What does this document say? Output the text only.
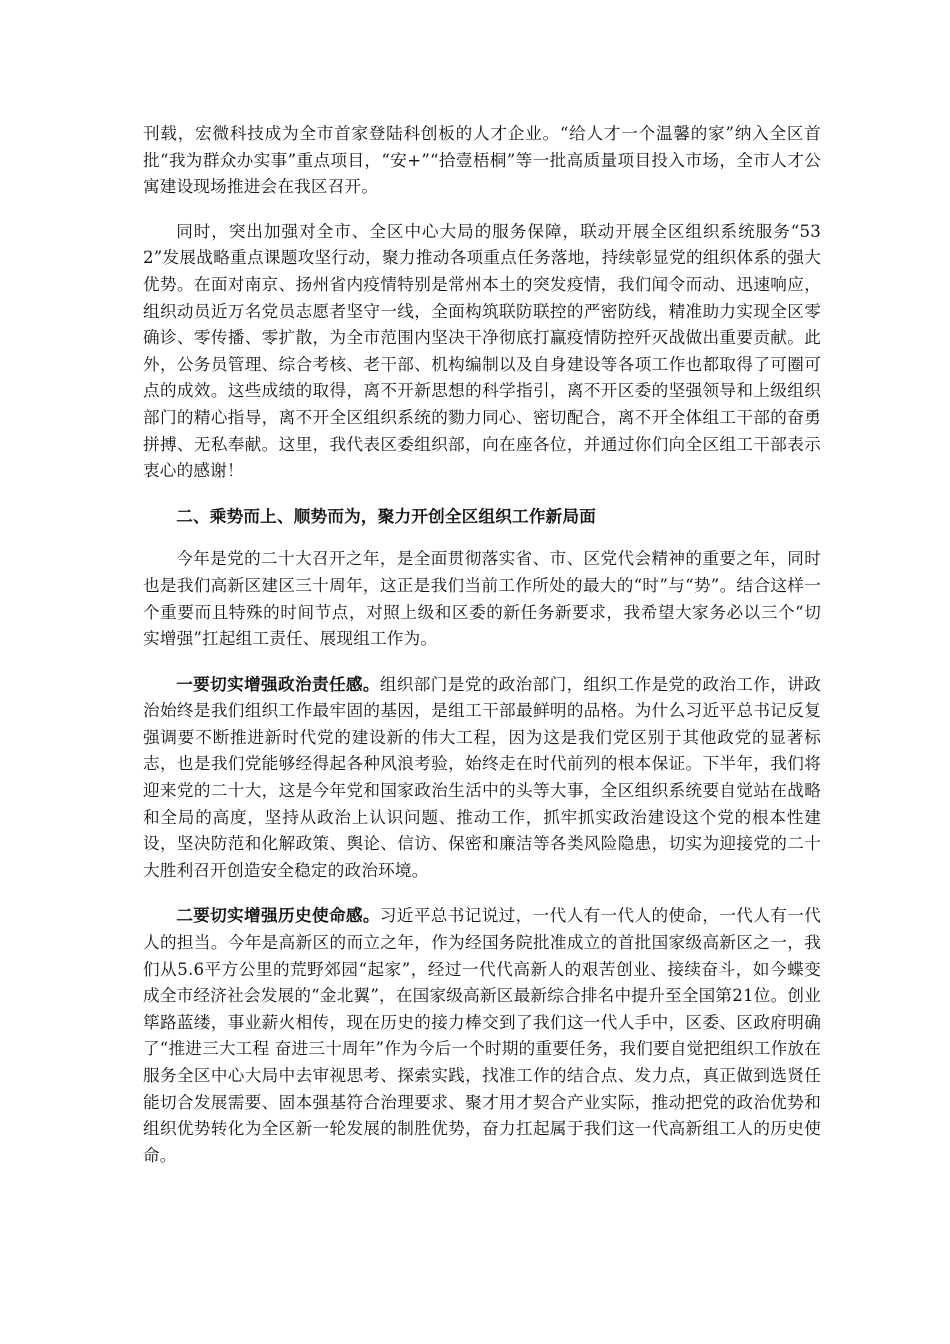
刊载，宏微科技成为全市首家登陆科创板的人才企业。“给人才一个温馨的家”纳入全区首批“我为群众办实事”重点项目，“安+”“拾壹梧桐”等一批高质量项目投入市场，全市人才公寓建设现场推进会在我区召开。

同时，突出加强对全市、全区中心大局的服务保障，联动开展全区组织系统服务“532”发展战略重点课题攻坚行动，聚力推动各项重点任务落地，持续彰显党的组织体系的强大优势。在面对南京、扬州省内疫情特别是常州本土的突发疫情，我们闻令而动、迅速响应，组织动员近万名党员志愿者坚守一线，全面构筑联防联控的严密防线，精准助力实现全区零确诊、零传播、零扩散，为全市范围内坚决干净彻底打赢疫情防控歼灭战做出重要贡献。此外，公务员管理、综合考核、老干部、机构编制以及自身建设等各项工作也都取得了可圈可点的成效。这些成绩的取得，离不开新思想的科学指引，离不开区委的坚强领导和上级组织部门的精心指导，离不开全区组织系统的勠力同心、密切配合，离不开全体组工干部的奋勇拼搏、无私奉献。这里，我代表区委组织部，向在座各位，并通过你们向全区组工干部表示衷心的感谢！

二、乘势而上、顺势而为，聚力开创全区组织工作新局面

今年是党的二十大召开之年，是全面贯彻落实省、市、区党代会精神的重要之年，同时也是我们高新区建区三十周年，这正是我们当前工作所处的最大的“时”与“势”。结合这样一个重要而且特殊的时间节点，对照上级和区委的新任务新要求，我希望大家务必以三个“切实增强”扛起组工责任、展现组工作为。

一要切实增强政治责任感。组织部门是党的政治部门，组织工作是党的政治工作，讲政治始终是我们组织工作最牢固的基因，是组工干部最鲜明的品格。为什么习近平总书记反复强调要不断推进新时代党的建设新的伟大工程，因为这是我们党区别于其他政党的显著标志，也是我们党能够经得起各种风浪考验，始终走在时代前列的根本保证。下半年，我们将迎来党的二十大，这是今年党和国家政治生活中的头等大事，全区组织系统要自觉站在战略和全局的高度，坚持从政治上认识问题、推动工作，抓牢抓实政治建设这个党的根本性建设，坚决防范和化解政策、舆论、信访、保密和廉洁等各类风险隐患，切实为迎接党的二十大胜利召开创造安全稳定的政治环境。

二要切实增强历史使命感。习近平总书记说过，一代人有一代人的使命，一代人有一代人的担当。今年是高新区的而立之年，作为经国务院批准成立的首批国家级高新区之一，我们从5.6平方公里的荒野郊园“起家”，经过一代代高新人的艰苦创业、接续奋斗，如今蝶变成全市经济社会发展的“金北翼”，在国家级高新区最新综合排名中提升至全国第21位。创业筚路蓝缕，事业薪火相传，现在历史的接力棒交到了我们这一代人手中，区委、区政府明确了“推进三大工程 奋进三十周年”作为今后一个时期的重要任务，我们要自觉把组织工作放在服务全区中心大局中去审视思考、探索实践，找准工作的结合点、发力点，真正做到选贤任能切合发展需要、固本强基符合治理要求、聚才用才契合产业实际，推动把党的政治优势和组织优势转化为全区新一轮发展的制胜优势，奋力扛起属于我们这一代高新组工人的历史使命。
